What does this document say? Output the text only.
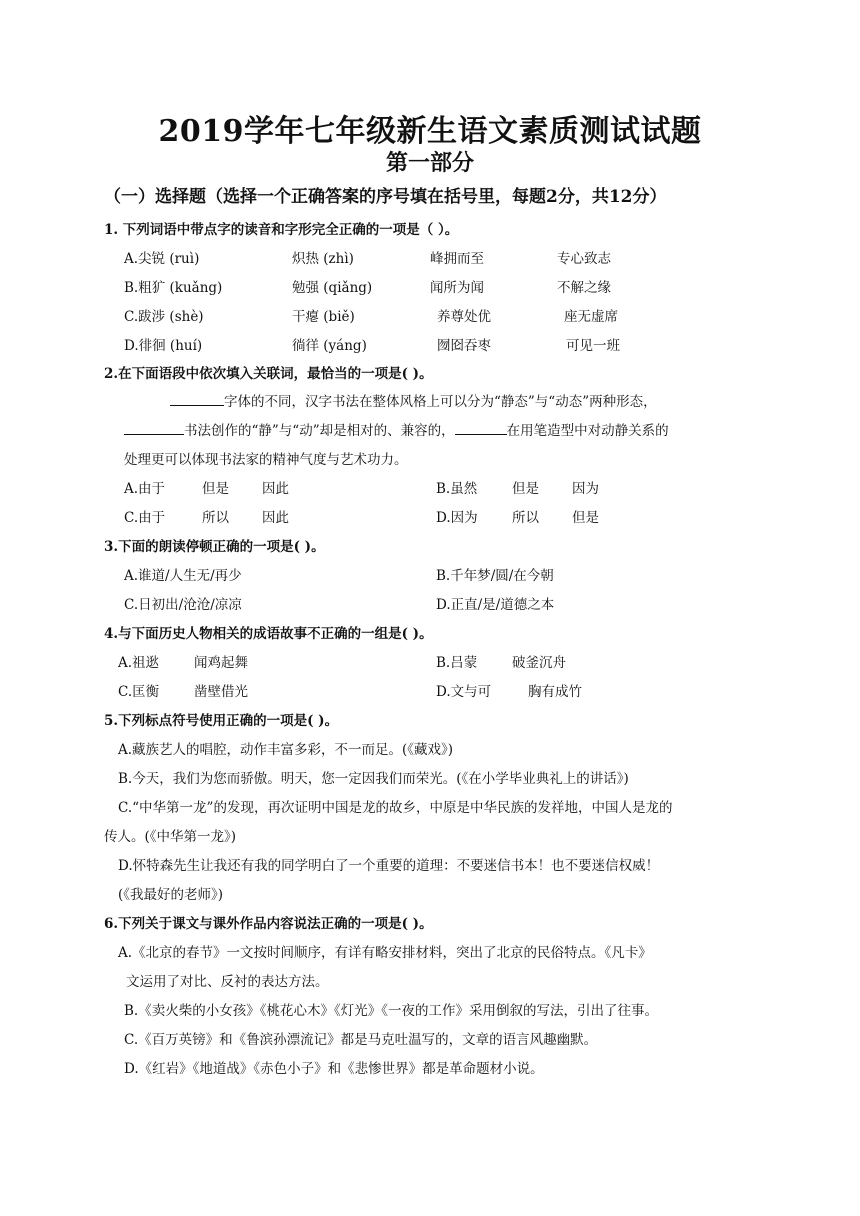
2019学年七年级新生语文素质测试试题
第一部分
（一）选择题（选择一个正确答案的序号填在括号里，每题2分，共12分）
1. 下列词语中带点字的读音和字形完全正确的一项是（ ）。
A.尖锐 (ruì)	炽热 (zhì)	峰拥而至	专心致志
B.粗犷 (kuǎng)	勉强 (qiǎng)	闻所为闻	不解之缘
C.跋涉 (shè)	干瘪 (biě)	养尊处优	座无虚席
D.徘徊 (huí)	徜徉 (yáng)	囫囵吞枣	可见一班
2.在下面语段中依次填入关联词，最恰当的一项是( )。
字体的不同，汉字书法在整体风格上可以分为“静态”与“动态”两种形态，
书法创作的“静”与“动”却是相对的、兼容的，	在用笔造型中对动静关系的
处理更可以体现书法家的精神气度与艺术功力。
A.由于	但是 因此	B.虽然	但是 因为
C.由于	所以 因此	D.因为	所以 但是
3.下面的朗读停顿正确的一项是( )。
A.谁道/人生无/再少	B.千年梦/圆/在今朝
C.日初出/沧沧/凉凉	D.正直/是/道德之本
4.与下面历史人物相关的成语故事不正确的一组是( )。
A.祖逖	闻鸡起舞	B.吕蒙	破釜沉舟
C.匡衡	凿壁借光	D.文与可	胸有成竹
5.下列标点符号使用正确的一项是( )。
A.藏族艺人的唱腔，动作丰富多彩，不一而足。(《藏戏》)
B.今天，我们为您而骄傲。明天，您一定因我们而荣光。(《在小学毕业典礼上的讲话》)
C.“中华第一龙”的发现，再次证明中国是龙的故乡，中原是中华民族的发祥地，中国人是龙的
传人。(《中华第一龙》)
D.怀特森先生让我还有我的同学明白了一个重要的道理：不要迷信书本！也不要迷信权威！
(《我最好的老师》)
6.下列关于课文与课外作品内容说法正确的一项是( )。
A.《北京的春节》一文按时间顺序，有详有略安排材料，突出了北京的民俗特点。《凡卡》
文运用了对比、反衬的表达方法。
B.《卖火柴的小女孩》《桃花心木》《灯光》《一夜的工作》采用倒叙的写法，引出了往事。
C.《百万英镑》和《鲁滨孙漂流记》都是马克吐温写的，文章的语言风趣幽默。
D.《红岩》《地道战》《赤色小子》和《悲惨世界》都是革命题材小说。
